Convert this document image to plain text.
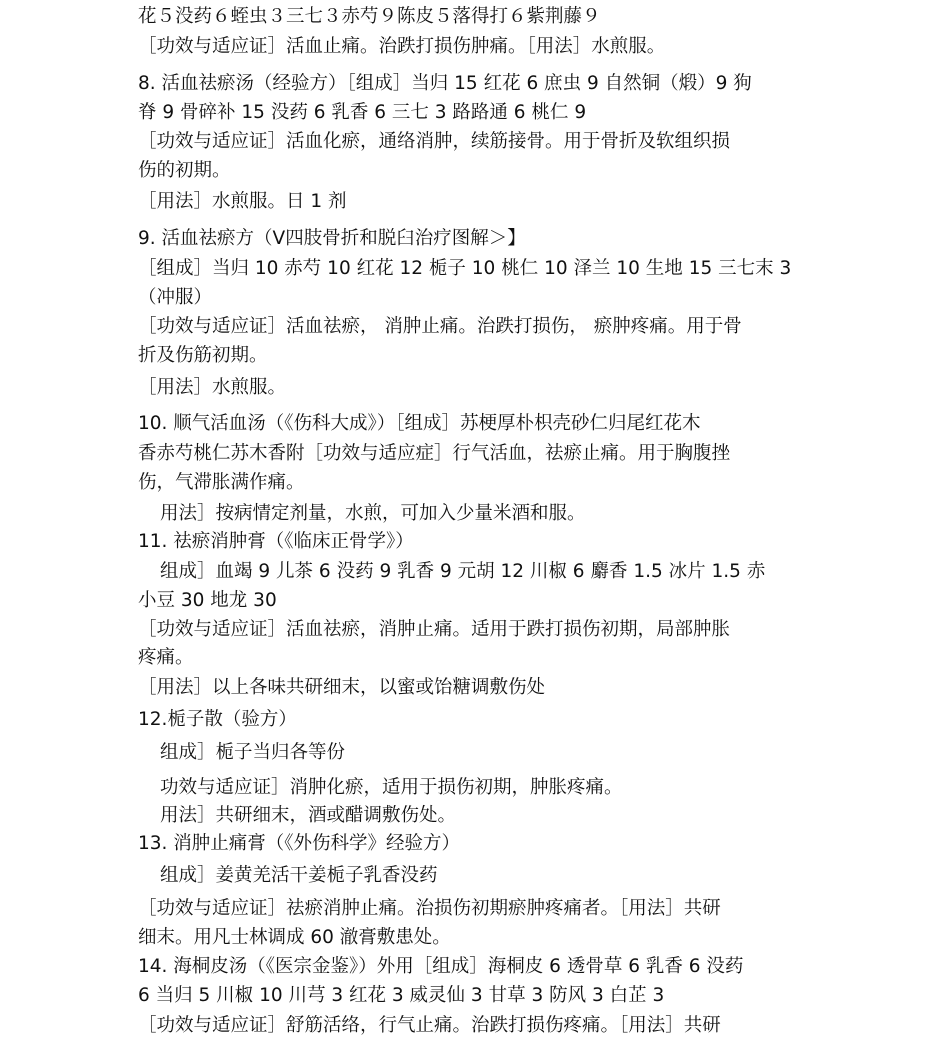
花５没药６蛭虫３三七３赤芍９陈皮５落得打６紫荆藤９
［功效与适应证］活血止痛。治跌打损伤肿痛。［用法］水煎服。
8. 活血祛瘀汤（经验方）［组成］当归 15 红花 6 庶虫 9 自然铜（煅）9 狗
脊 9 骨碎补 15 没药 6 乳香 6 三七 3 路路通 6 桃仁 9
［功效与适应证］活血化瘀，通络消肿，续筋接骨。用于骨折及软组织损
伤的初期。
［用法］水煎服。日 1 剂
9. 活血祛瘀方（Ⅴ四肢骨折和脱臼治疗图解＞】
［组成］当归 10 赤芍 10 红花 12 栀子 10 桃仁 10 泽兰 10 生地 15 三七末 3
（冲服）
［功效与适应证］活血祛瘀， 消肿止痛。治跌打损伤， 瘀肿疼痛。用于骨
折及伤筋初期。
［用法］水煎服。
10. 顺气活血汤（《伤科大成》）［组成］苏梗厚朴枳壳砂仁归尾红花木
香赤芍桃仁苏木香附［功效与适应症］行气活血，祛瘀止痛。用于胸腹挫
伤，气滞胀满作痛。
用法］按病情定剂量，水煎，可加入少量米酒和服。
11. 祛瘀消肿膏（《临床正骨学》）
组成］血竭 9 儿茶 6 没药 9 乳香 9 元胡 12 川椒 6 麝香 1.5 冰片 1.5 赤
小豆 30 地龙 30
［功效与适应证］活血祛瘀，消肿止痛。适用于跌打损伤初期，局部肿胀
疼痛。
［用法］以上各味共研细末，以蜜或饴糖调敷伤处
12.栀子散（验方）
组成］栀子当归各等份
功效与适应证］消肿化瘀，适用于损伤初期，肿胀疼痛。
用法］共研细末，酒或醋调敷伤处。
13. 消肿止痛膏（《外伤科学》经验方）
组成］姜黄羌活干姜栀子乳香没药
［功效与适应证］祛瘀消肿止痛。治损伤初期瘀肿疼痛者。［用法］共研
细末。用凡士林调成 60 澈膏敷患处。
14. 海桐皮汤（《医宗金鉴》）外用［组成］海桐皮 6 透骨草 6 乳香 6 没药
6 当归 5 川椒 10 川芎 3 红花 3 威灵仙 3 甘草 3 防风 3 白芷 3
［功效与适应证］舒筋活络，行气止痛。治跌打损伤疼痛。［用法］共研
